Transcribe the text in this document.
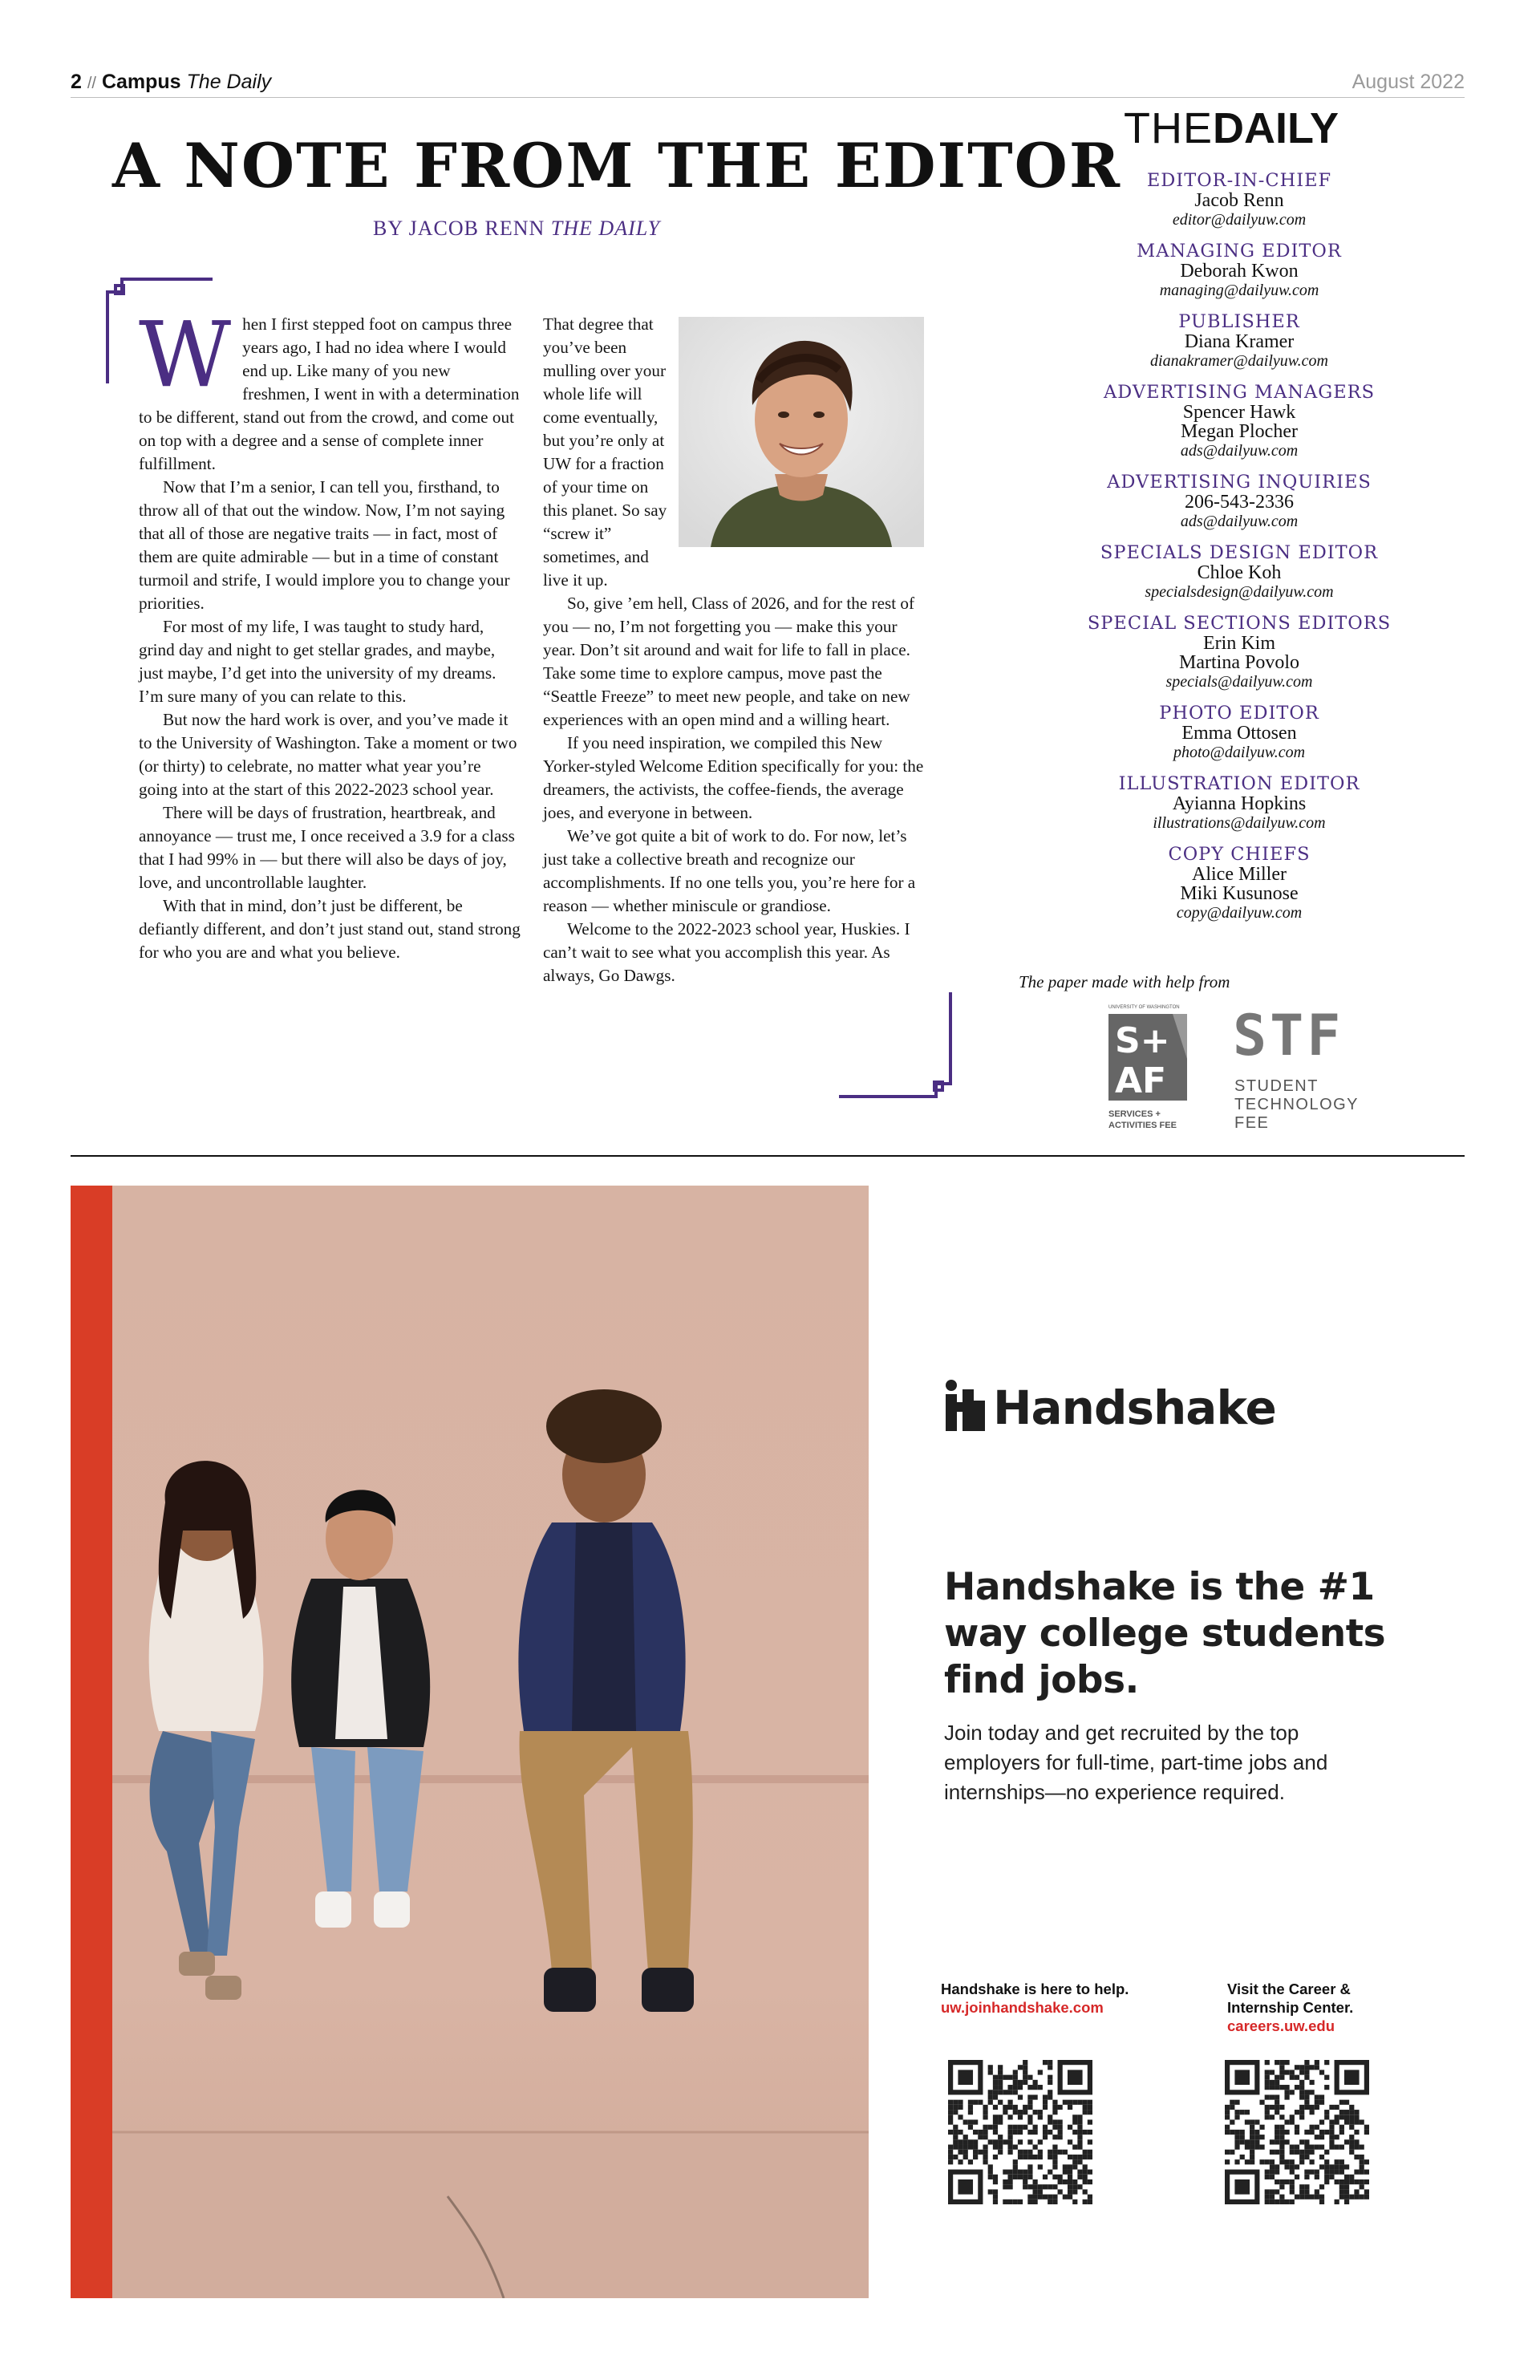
2 // Campus The Daily	August 2022
A NOTE FROM THE EDITOR
BY JACOB RENN THE DAILY

When I first stepped foot on campus three years ago, I had no idea where I would end up. Like many of you new freshmen, I went in with a determination to be different, stand out from the crowd, and come out on top with a degree and a sense of complete inner fulfillment.

Now that I’m a senior, I can tell you, firsthand, to throw all of that out the window. Now, I’m not saying that all of those are negative traits — in fact, most of them are quite admirable — but in a time of constant turmoil and strife, I would implore you to change your priorities.

For most of my life, I was taught to study hard, grind day and night to get stellar grades, and maybe, just maybe, I’d get into the university of my dreams. I’m sure many of you can relate to this.

But now the hard work is over, and you’ve made it to the University of Washington. Take a moment or two (or thirty) to celebrate, no matter what year you’re going into at the start of this 2022-2023 school year.

There will be days of frustration, heartbreak, and annoyance — trust me, I once received a 3.9 for a class that I had 99% in — but there will also be days of joy, love, and uncontrollable laughter.

With that in mind, don’t just be different, be defiantly different, and don’t just stand out, stand strong for who you are and what you believe.

That degree that you’ve been mulling over your whole life will come eventually, but you’re only at UW for a fraction of your time on this planet. So say “screw it” sometimes, and live it up.

So, give ’em hell, Class of 2026, and for the rest of you — no, I’m not forgetting you — make this your year. Don’t sit around and wait for life to fall in place. Take some time to explore campus, move past the “Seattle Freeze” to meet new people, and take on new experiences with an open mind and a willing heart.

If you need inspiration, we compiled this New Yorker-styled Welcome Edition specifically for you: the dreamers, the activists, the coffee-fiends, the average joes, and everyone in between.

We’ve got quite a bit of work to do. For now, let’s just take a collective breath and recognize our accomplishments. If no one tells you, you’re here for a reason — whether miniscule or grandiose.

Welcome to the 2022-2023 school year, Huskies. I can’t wait to see what you accomplish this year. As always, Go Dawgs.

THEDAILY
EDITOR-IN-CHIEF
Jacob Renn
editor@dailyuw.com
MANAGING EDITOR
Deborah Kwon
managing@dailyuw.com
PUBLISHER
Diana Kramer
dianakramer@dailyuw.com
ADVERTISING MANAGERS
Spencer Hawk
Megan Plocher
ads@dailyuw.com
ADVERTISING INQUIRIES
206-543-2336
ads@dailyuw.com
SPECIALS DESIGN EDITOR
Chloe Koh
specialsdesign@dailyuw.com
SPECIAL SECTIONS EDITORS
Erin Kim
Martina Povolo
specials@dailyuw.com
PHOTO EDITOR
Emma Ottosen
photo@dailyuw.com
ILLUSTRATION EDITOR
Ayianna Hopkins
illustrations@dailyuw.com
COPY CHIEFS
Alice Miller
Miki Kusunose
copy@dailyuw.com
The paper made with help from
UNIVERSITY OF WASHINGTON
S+
AF
SERVICES +
ACTIVITIES FEE
STF
STUDENT
TECHNOLOGY
FEE
Handshake
Handshake is the #1 way college students find jobs.
Join today and get recruited by the top employers for full-time, part-time jobs and internships—no experience required.
Handshake is here to help.
uw.joinhandshake.com
Visit the Career & Internship Center.
careers.uw.edu
